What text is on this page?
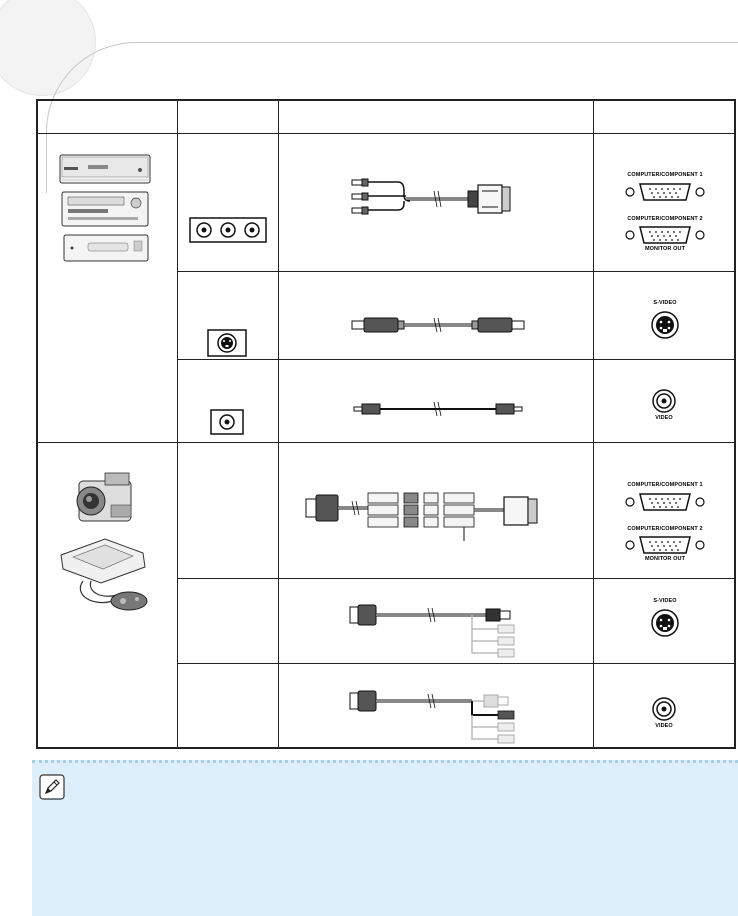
COMPUTER/COMPONENT 1
COMPUTER/COMPONENT 2
MONITOR OUT
S-VIDEO
VIDEO
COMPUTER/COMPONENT 1
COMPUTER/COMPONENT 2
MONITOR OUT
S-VIDEO
VIDEO
